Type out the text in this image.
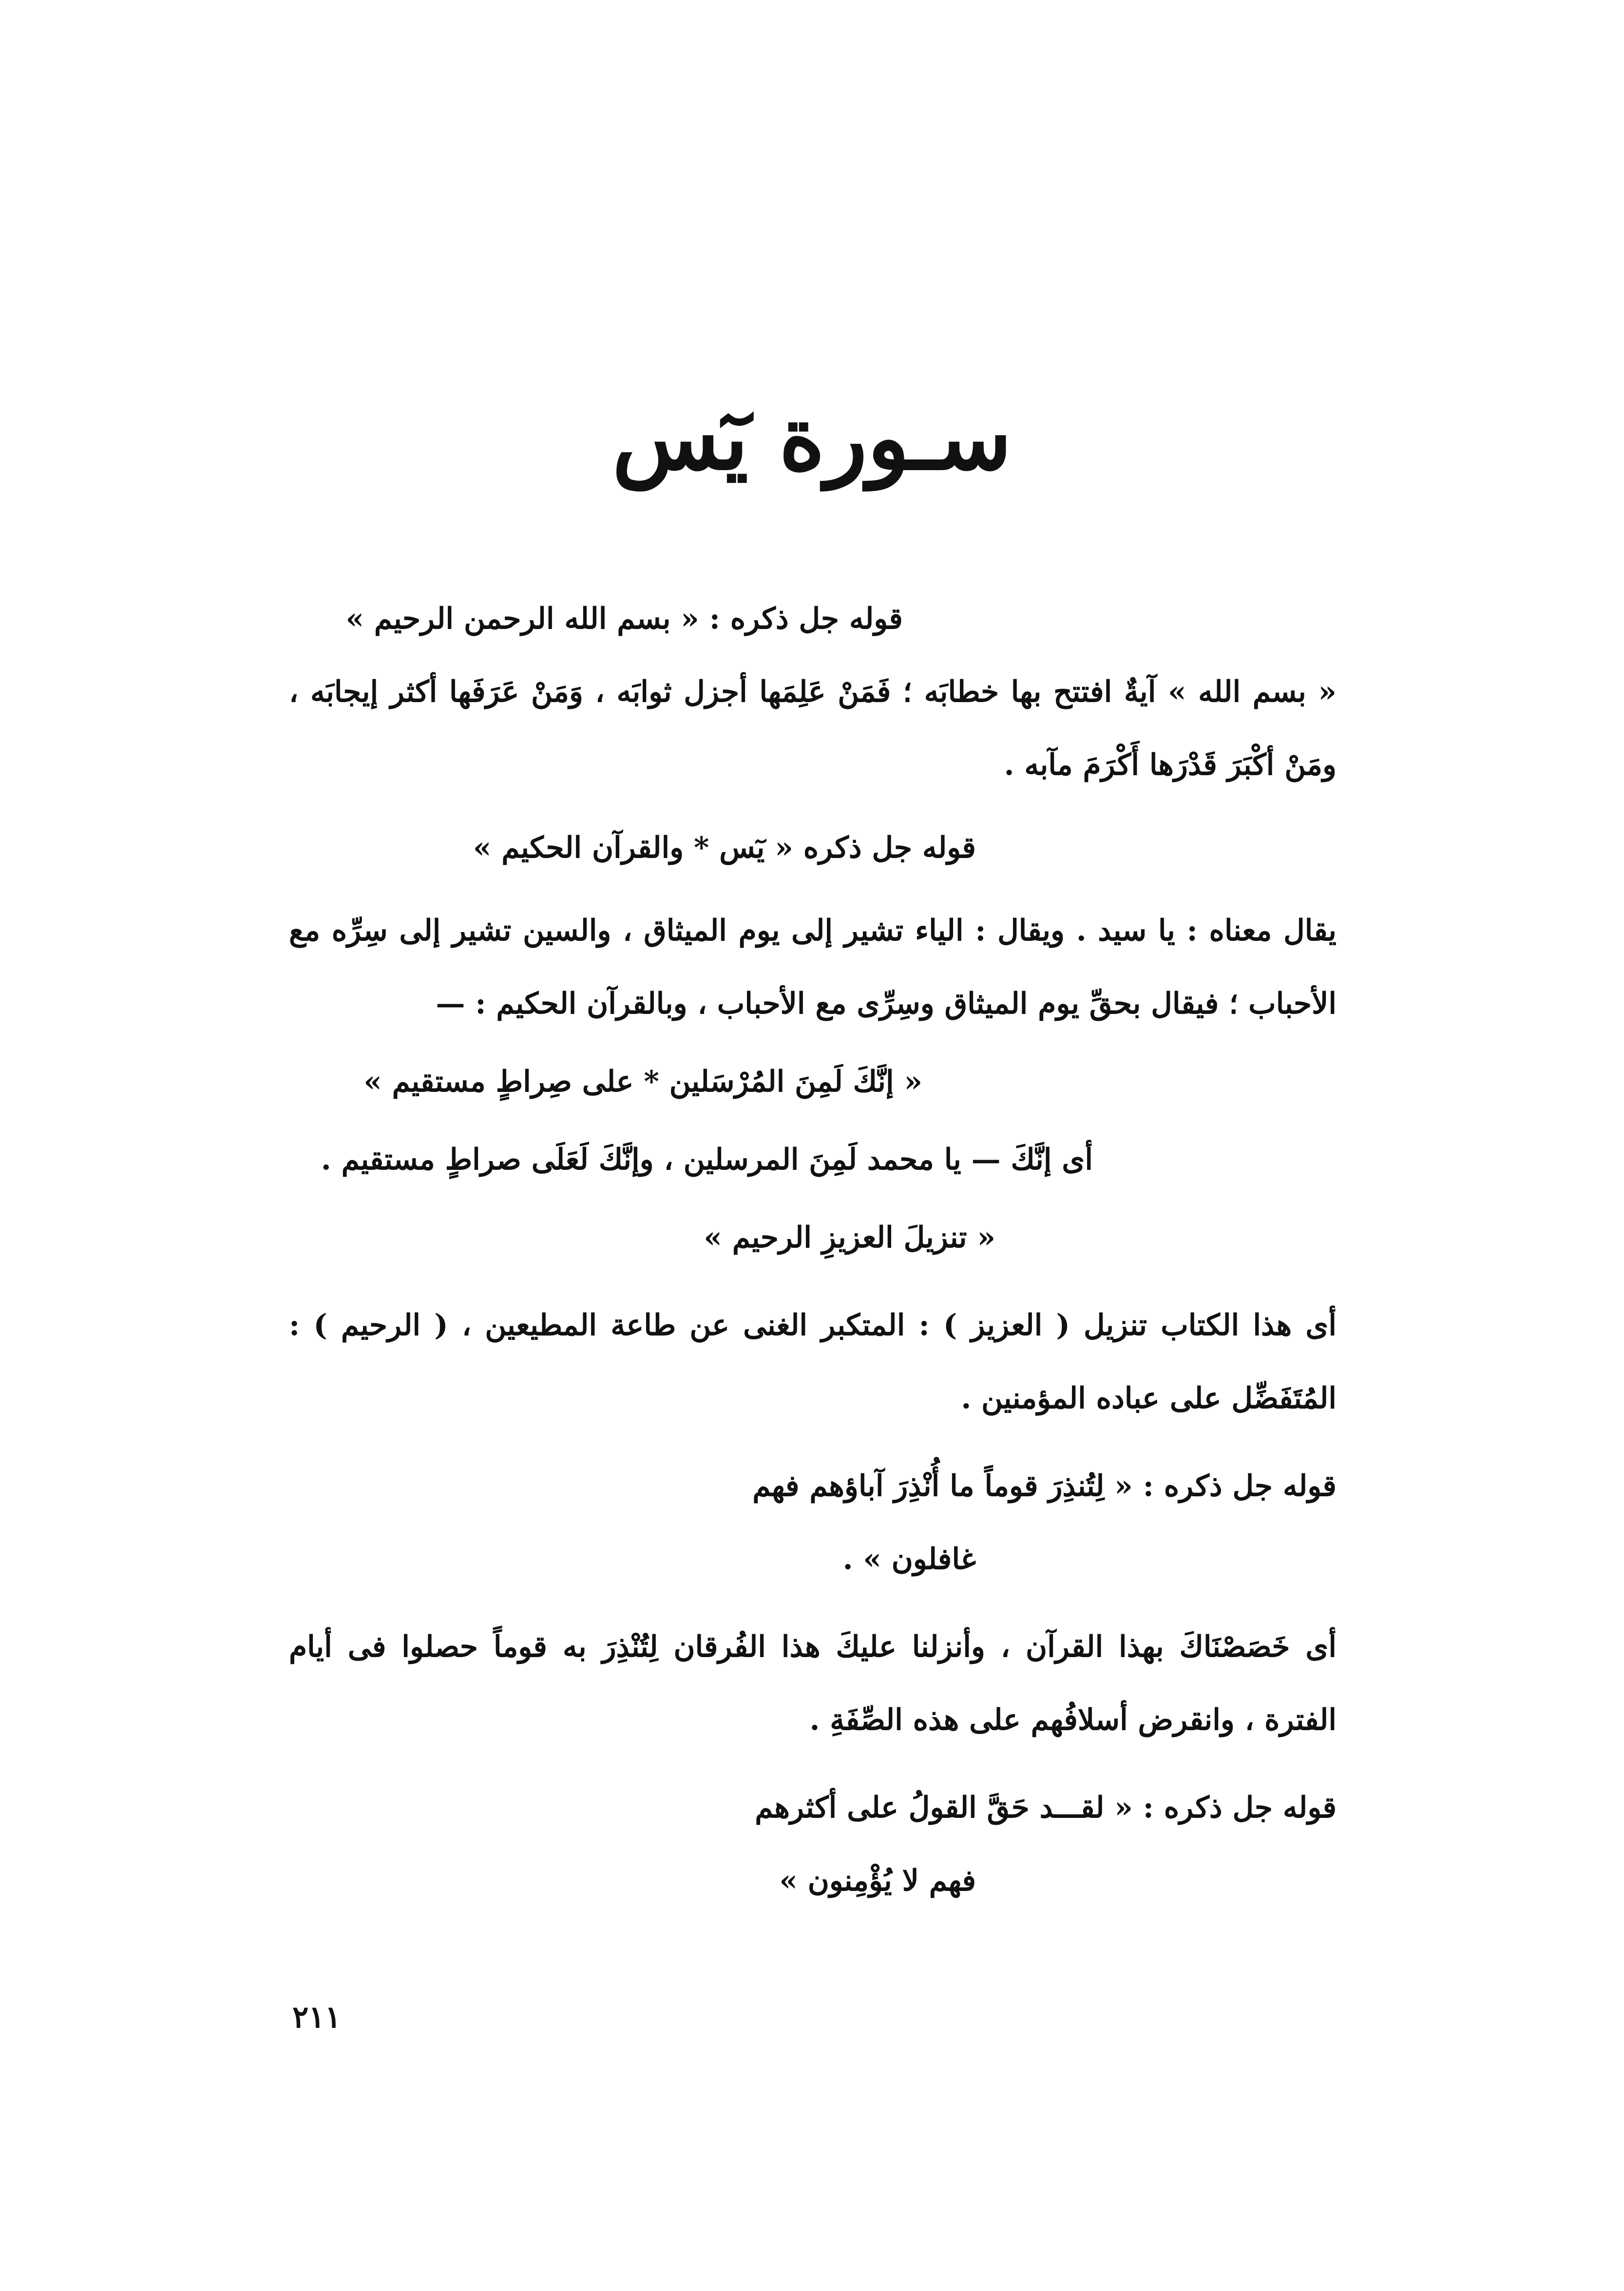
سـورة يٓس
قوله جل ذكره : « بسم الله الرحمن الرحيم »
« بسم الله » آيةٌ افتتح بها خطابَه ؛ فَمَنْ عَلِمَها أجزل ثوابَه ، وَمَنْ عَرَفَها أكثر إيجابَه ،
ومَنْ أكْبَرَ قَدْرَها أَكْرَمَ مآبه .
قوله جل ذكره « يٓس * والقرآن الحكيم »
يقال معناه : يا سيد . ويقال : الياء تشير إلى يوم الميثاق ، والسين تشير إلى سِرِّه مع
الأحباب ؛ فيقال بحقِّ يوم الميثاق وسِرِّى مع الأحباب ، وبالقرآن الحكيم : —
« إنَّكَ لَمِنَ المُرْسَلين * على صِراطٍ مستقيم »
أى إنَّكَ — يا محمد لَمِنَ المرسلين ، وإنَّكَ لَعَلَى صراطٍ مستقيم .
« تنزيلَ العزيزِ الرحيم »
أى هذا الكتاب تنزيل ( العزيز ) : المتكبر الغنى عن طاعة المطيعين ، ( الرحيم ) :
المُتَفَضِّل على عباده المؤمنين .
قوله جل ذكره : « لِتُنذِرَ قوماً ما أُنْذِرَ آباؤهم فهم
غافلون » .
أى خَصَصْنَاكَ بهذا القرآن ، وأنزلنا عليكَ هذا الفُرقان لِتُنْذِرَ به قوماً حصلوا فى أيام
الفترة ، وانقرض أسلافُهم على هذه الصِّفَةِ .
قوله جل ذكره : « لقـــد حَقَّ القولُ على أكثرهم
فهم لا يُؤْمِنون »
٢١١
